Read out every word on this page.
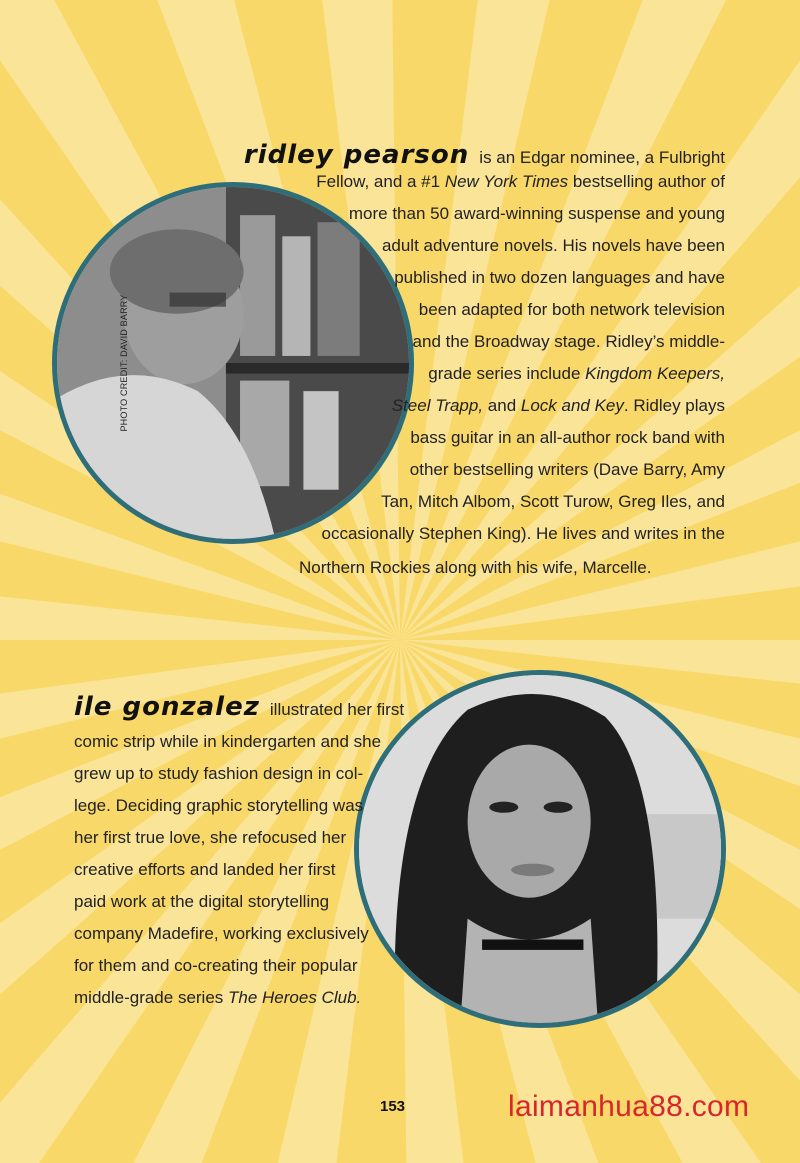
PHOTO CREDIT: DAVID BARRY
ridley pearson is an Edgar nominee, a Fulbright
Fellow, and a #1 New York Times bestselling author of
more than 50 award-winning suspense and young
adult adventure novels. His novels have been
published in two dozen languages and have
been adapted for both network television
and the Broadway stage. Ridley’s middle-
grade series include Kingdom Keepers,
Steel Trapp, and Lock and Key. Ridley plays
bass guitar in an all-author rock band with
other bestselling writers (Dave Barry, Amy
Tan, Mitch Albom, Scott Turow, Greg Iles, and
occasionally Stephen King). He lives and writes in the
Northern Rockies along with his wife, Marcelle.
ile gonzalez illustrated her first
comic strip while in kindergarten and she
grew up to study fashion design in col-
lege. Deciding graphic storytelling was
her first true love, she refocused her
creative efforts and landed her first
paid work at the digital storytelling
company Madefire, working exclusively
for them and co-creating their popular
middle-grade series The Heroes Club.
153	laimanhua88.com
